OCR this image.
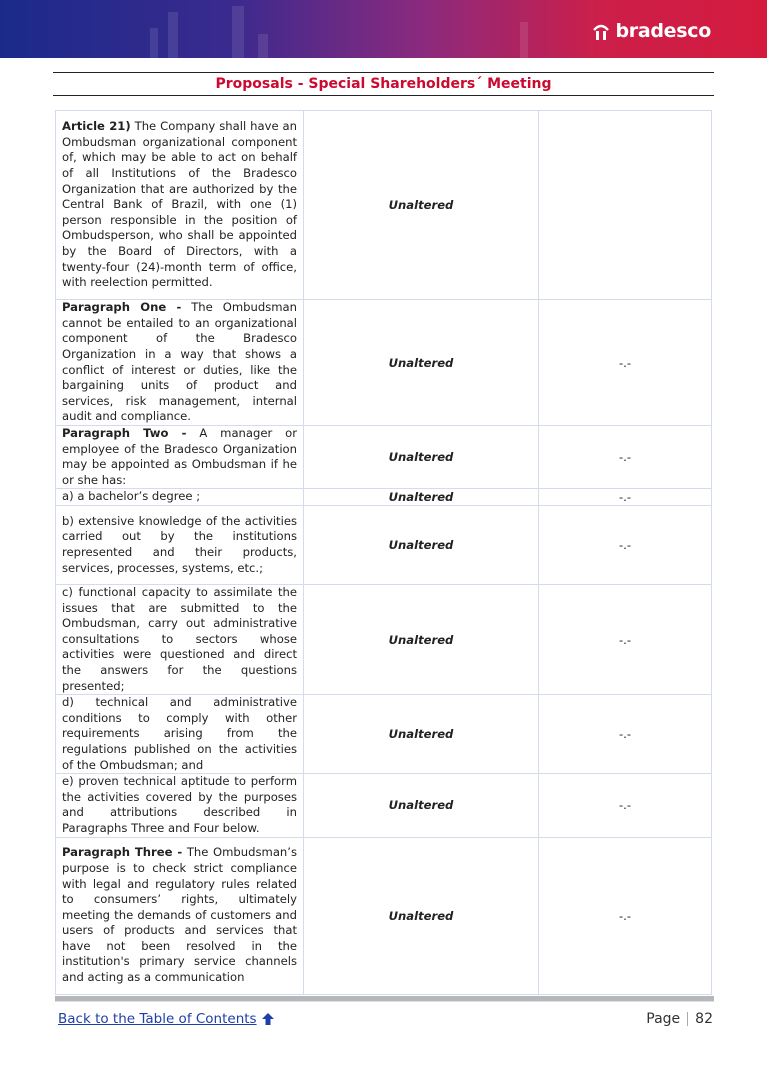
bradesco

Proposals - Special Shareholders´ Meeting

Article 21) The Company shall have an Ombudsman organizational component of, which may be able to act on behalf of all Institutions of the Bradesco Organization that are authorized by the Central Bank of Brazil, with one (1) person responsible in the position of Ombudsperson, who shall be appointed by the Board of Directors, with a twenty-four (24)-month term of office, with reelection permitted.	Unaltered	
Paragraph One - The Ombudsman cannot be entailed to an organizational component of the Bradesco Organization in a way that shows a conflict of interest or duties, like the bargaining units of product and services, risk management, internal audit and compliance.	Unaltered	-.-
Paragraph Two - A manager or employee of the Bradesco Organization may be appointed as Ombudsman if he or she has:	Unaltered	-.-
a) a bachelor’s degree ;	Unaltered	-.-
b) extensive knowledge of the activities carried out by the institutions represented and their products, services, processes, systems, etc.;	Unaltered	-.-
c) functional capacity to assimilate the issues that are submitted to the Ombudsman, carry out administrative consultations to sectors whose activities were questioned and direct the answers for the questions presented;	Unaltered	-.-
d) technical and administrative conditions to comply with other requirements arising from the regulations published on the activities of the Ombudsman; and	Unaltered	-.-
e) proven technical aptitude to perform the activities covered by the purposes and attributions described in Paragraphs Three and Four below.	Unaltered	-.-
Paragraph Three - The Ombudsman’s purpose is to check strict compliance with legal and regulatory rules related to consumers’ rights, ultimately meeting the demands of customers and users of products and services that have not been resolved in the institution's primary service channels and acting as a communication	Unaltered	-.-
Back to the Table of Contents	Page 82
